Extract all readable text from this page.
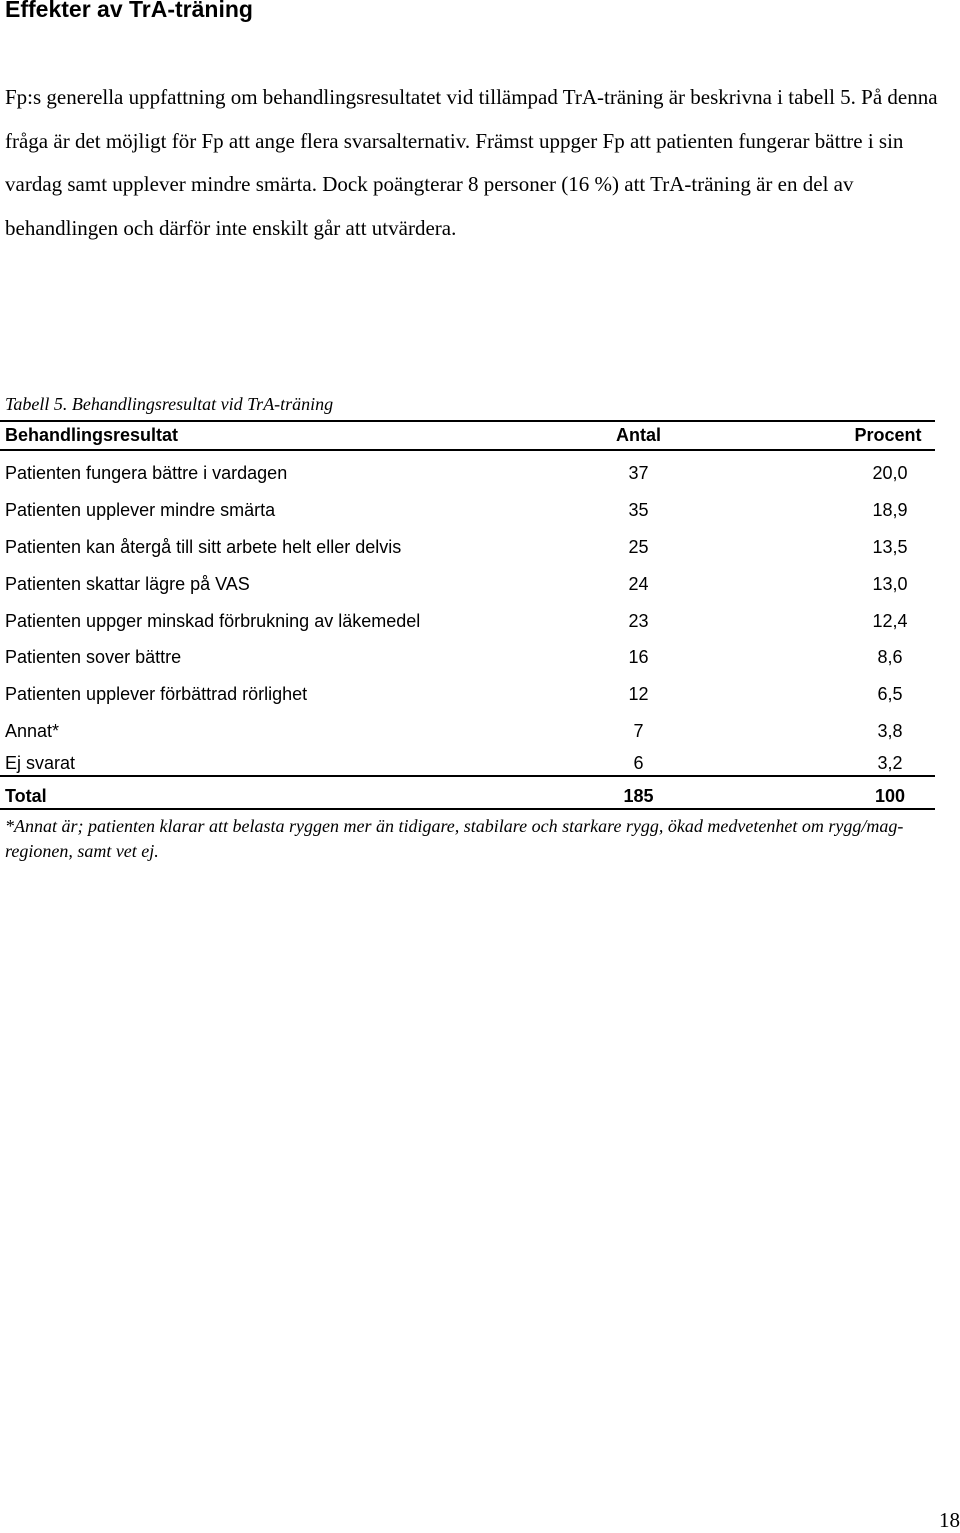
Effekter av TrA-träning

Fp:s generella uppfattning om behandlingsresultatet vid tillämpad TrA-träning är beskrivna i tabell 5. På denna fråga är det möjligt för Fp att ange flera svarsalternativ. Främst uppger Fp att patienten fungerar bättre i sin vardag samt upplever mindre smärta. Dock poängterar 8 personer (16 %) att TrA-träning är en del av behandlingen och därför inte enskilt går att utvärdera.

Tabell 5. Behandlingsresultat vid TrA-träning
Behandlingsresultat	Antal	Procent
Patienten fungera bättre i vardagen	37	20,0
Patienten upplever mindre smärta	35	18,9
Patienten kan återgå till sitt arbete helt eller delvis	25	13,5
Patienten skattar lägre på VAS	24	13,0
Patienten uppger minskad förbrukning av läkemedel	23	12,4
Patienten sover bättre	16	8,6
Patienten upplever förbättrad rörlighet	12	6,5
Annat*	7	3,8
Ej svarat	6	3,2
Total	185	100

*Annat är; patienten klarar att belasta ryggen mer än tidigare, stabilare och starkare rygg, ökad medvetenhet om rygg/mag-regionen, samt vet ej.

18
